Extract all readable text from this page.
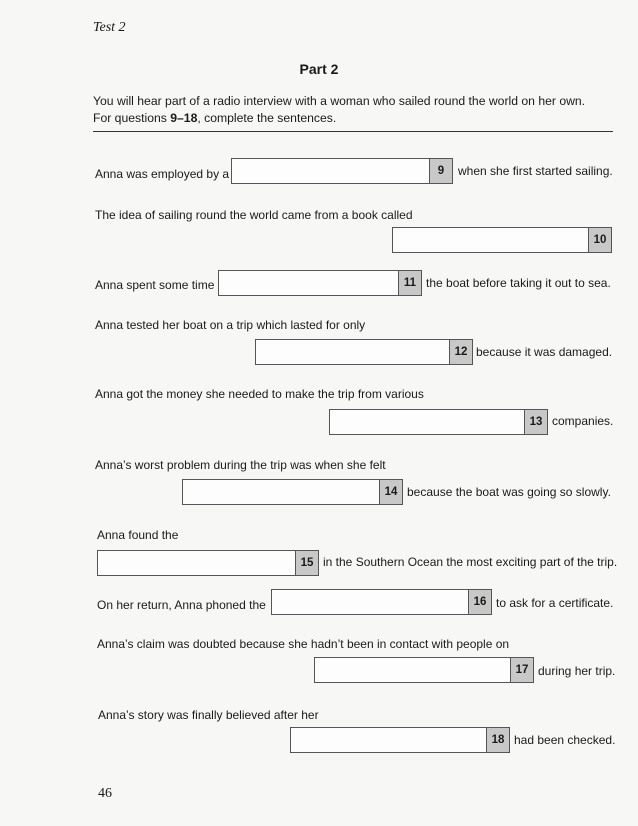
Test 2
Part 2
You will hear part of a radio interview with a woman who sailed round the world on her own.
For questions 9–18, complete the sentences.
Anna was employed by a	9	when she first started sailing.
The idea of sailing round the world came from a book called
10
Anna spent some time	11 the boat before taking it out to sea.
Anna tested her boat on a trip which lasted for only
12 because it was damaged.
Anna got the money she needed to make the trip from various
13 companies.
Anna’s worst problem during the trip was when she felt
14 because the boat was going so slowly.
Anna found the
15 in the Southern Ocean the most exciting part of the trip.
On her return, Anna phoned the	16 to ask for a certificate.
Anna’s claim was doubted because she hadn’t been in contact with people on
17 during her trip.
Anna’s story was finally believed after her
18 had been checked.
46
